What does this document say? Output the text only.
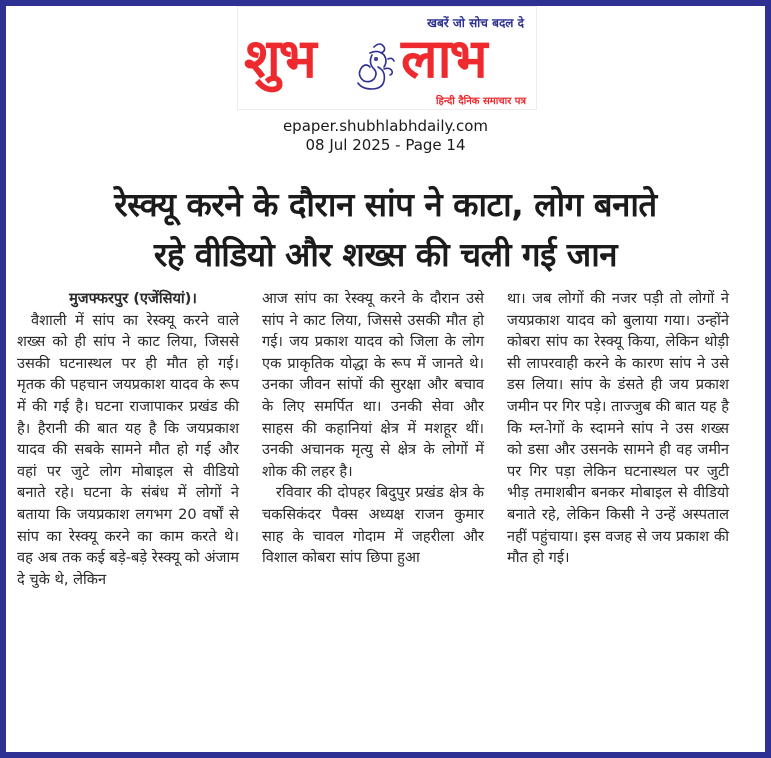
खबरें जो सोच बदल दे
शुभ लाभ
हिन्दी दैनिक समाचार पत्र
epaper.shubhlabhdaily.com
08 Jul 2025 - Page 14
रेस्क्यू करने के दौरान सांप ने काटा, लोग बनाते
रहे वीडियो और शख्स की चली गई जान

मुजफ्फरपुर (एजेंसियां)।

वैशाली में सांप का रेस्क्यू करने वाले शख्स को ही सांप ने काट लिया, जिससे उसकी घटनास्थल पर ही मौत हो गई। मृतक की पहचान जयप्रकाश यादव के रूप में की गई है। घटना राजापाकर प्रखंड की है। हैरानी की बात यह है कि जयप्रकाश यादव की सबके सामने मौत हो गई और वहां पर जुटे लोग मोबाइल से वीडियो बनाते रहे। घटना के संबंध में लोगों ने बताया कि जयप्रकाश लगभग 20 वर्षों से सांप का रेस्क्यू करने का काम करते थे। वह अब तक कई बड़े-बड़े रेस्क्यू को अंजाम दे चुके थे, लेकिन

आज सांप का रेस्क्यू करने के दौरान उसे सांप ने काट लिया, जिससे उसकी मौत हो गई। जय प्रकाश यादव को जिला के लोग एक प्राकृतिक योद्धा के रूप में जानते थे। उनका जीवन सांपों की सुरक्षा और बचाव के लिए समर्पित था। उनकी सेवा और साहस की कहानियां क्षेत्र में मशहूर थीं। उनकी अचानक मृत्यु से क्षेत्र के लोगों में शोक की लहर है।

रविवार की दोपहर बिदुपुर प्रखंड क्षेत्र के चकसिकंदर पैक्स अध्यक्ष राजन कुमार साह के चावल गोदाम में जहरीला और विशाल कोबरा सांप छिपा हुआ

था। जब लोगों की नजर पड़ी तो लोगों ने जयप्रकाश यादव को बुलाया गया। उन्होंने कोबरा सांप का रेस्क्यू किया, लेकिन थोड़ी सी लापरवाही करने के कारण सांप ने उसे डस लिया। सांप के डंसते ही जय प्रकाश जमीन पर गिर पड़े। ताज्जुब की बात यह है कि म्ल-ोगों के स्दामने सांप ने उस शख्स को डसा और उसनके सामने ही वह जमीन पर गिर पड़ा लेकिन घटनास्थल पर जुटी भीड़ तमाशबीन बनकर मोबाइल से वीडियो बनाते रहे, लेकिन किसी ने उन्हें अस्पताल नहीं पहुंचाया। इस वजह से जय प्रकाश की मौत हो गई।
